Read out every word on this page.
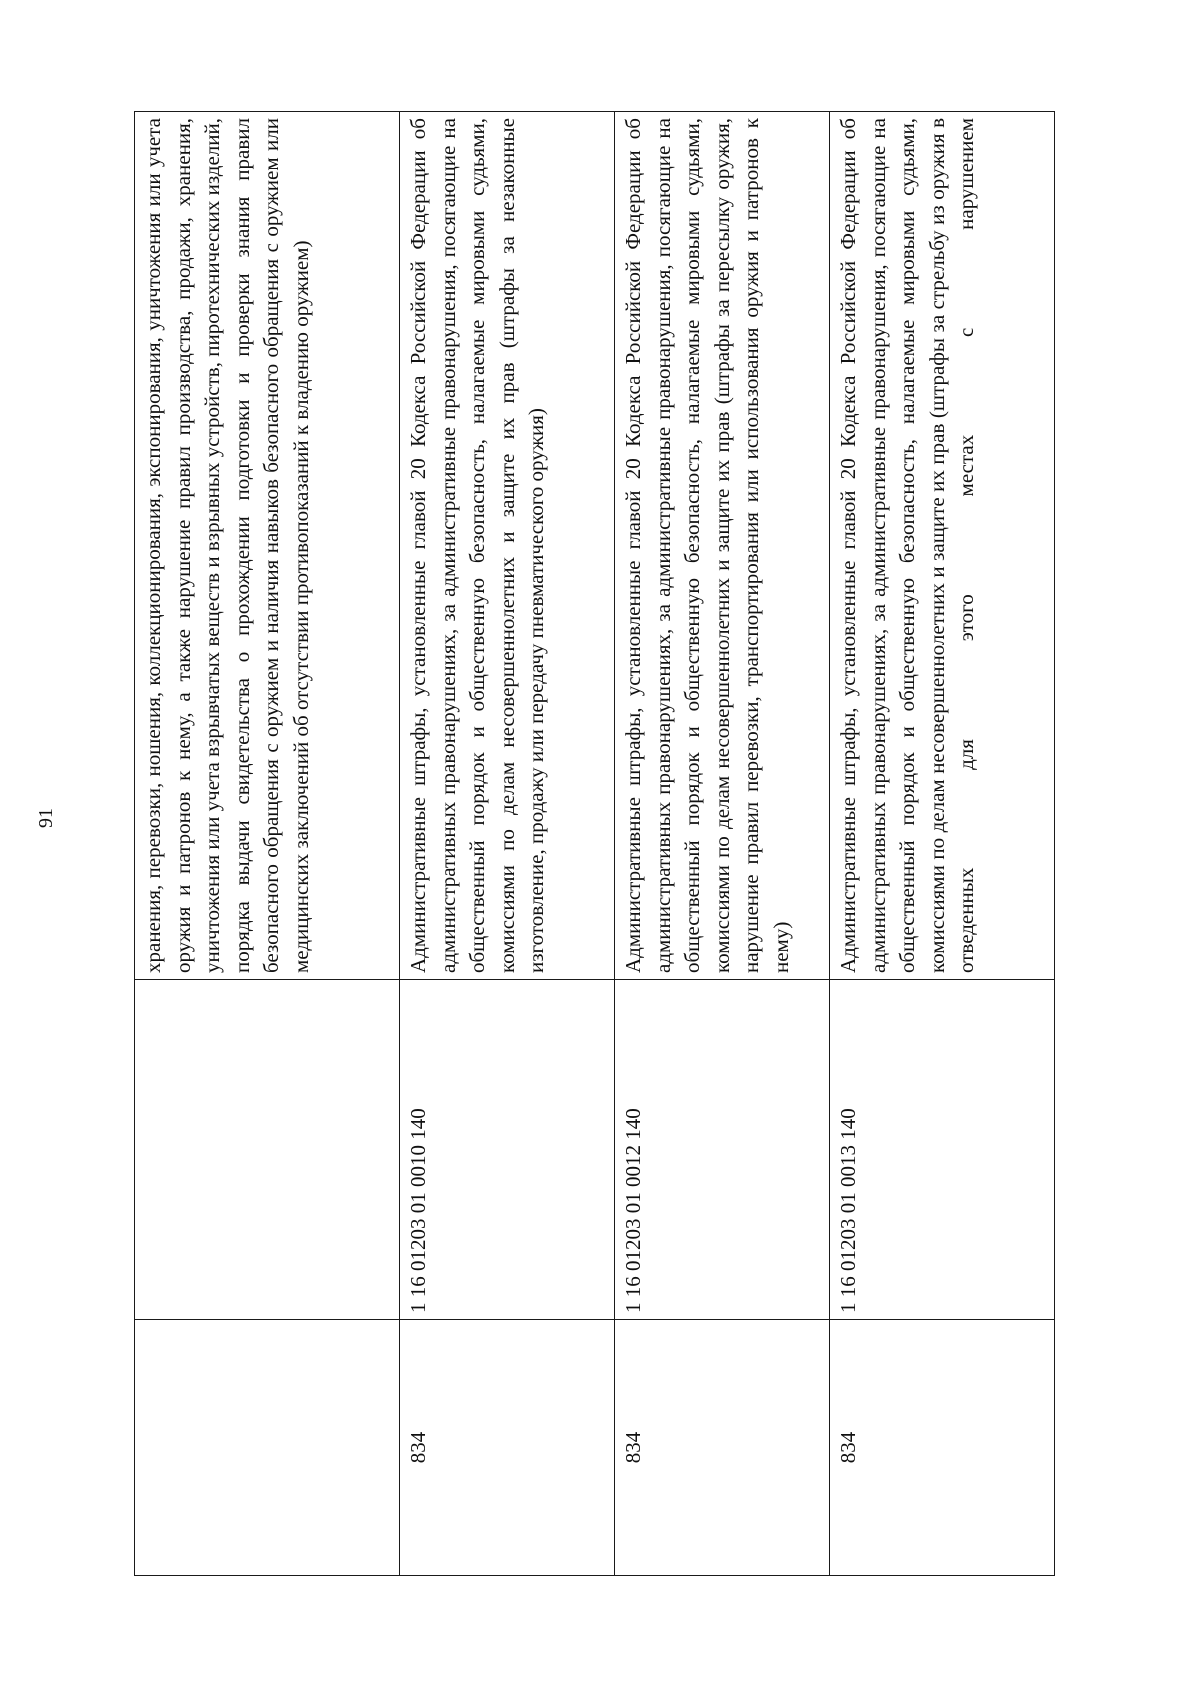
91

		хранения, перевозки, ношения, коллекционирования, экспонирования, уничтожения или учета оружия и патронов к нему, а также нарушение правил производства, продажи, хранения, уничтожения или учета взрывчатых веществ и взрывных устройств, пиротехнических изделий, порядка выдачи свидетельства о прохождении подготовки и проверки знания правил безопасного обращения с оружием и наличия навыков безопасного обращения с оружием или медицинских заключений об отсутствии противопоказаний к владению оружием)

834	1 16 01203 01 0010 140	Административные штрафы, установленные главой 20 Кодекса Российской Федерации об административных правонарушениях, за административные правонарушения, посягающие на общественный порядок и общественную безопасность, налагаемые мировыми судьями, комиссиями по делам несовершеннолетних и защите их прав (штрафы за незаконные изготовление, продажу или передачу пневматического оружия)

834	1 16 01203 01 0012 140	Административные штрафы, установленные главой 20 Кодекса Российской Федерации об административных правонарушениях, за административные правонарушения, посягающие на общественный порядок и общественную безопасность, налагаемые мировыми судьями, комиссиями по делам несовершеннолетних и защите их прав (штрафы за пересылку оружия, нарушение правил перевозки, транспортирования или использования оружия и патронов к нему)

834	1 16 01203 01 0013 140	Административные штрафы, установленные главой 20 Кодекса Российской Федерации об административных правонарушениях, за административные правонарушения, посягающие на общественный порядок и общественную безопасность, налагаемые мировыми судьями, комиссиями по делам несовершеннолетних и защите их прав (штрафы за стрельбу из оружия в отведенных для этого местах с нарушением
